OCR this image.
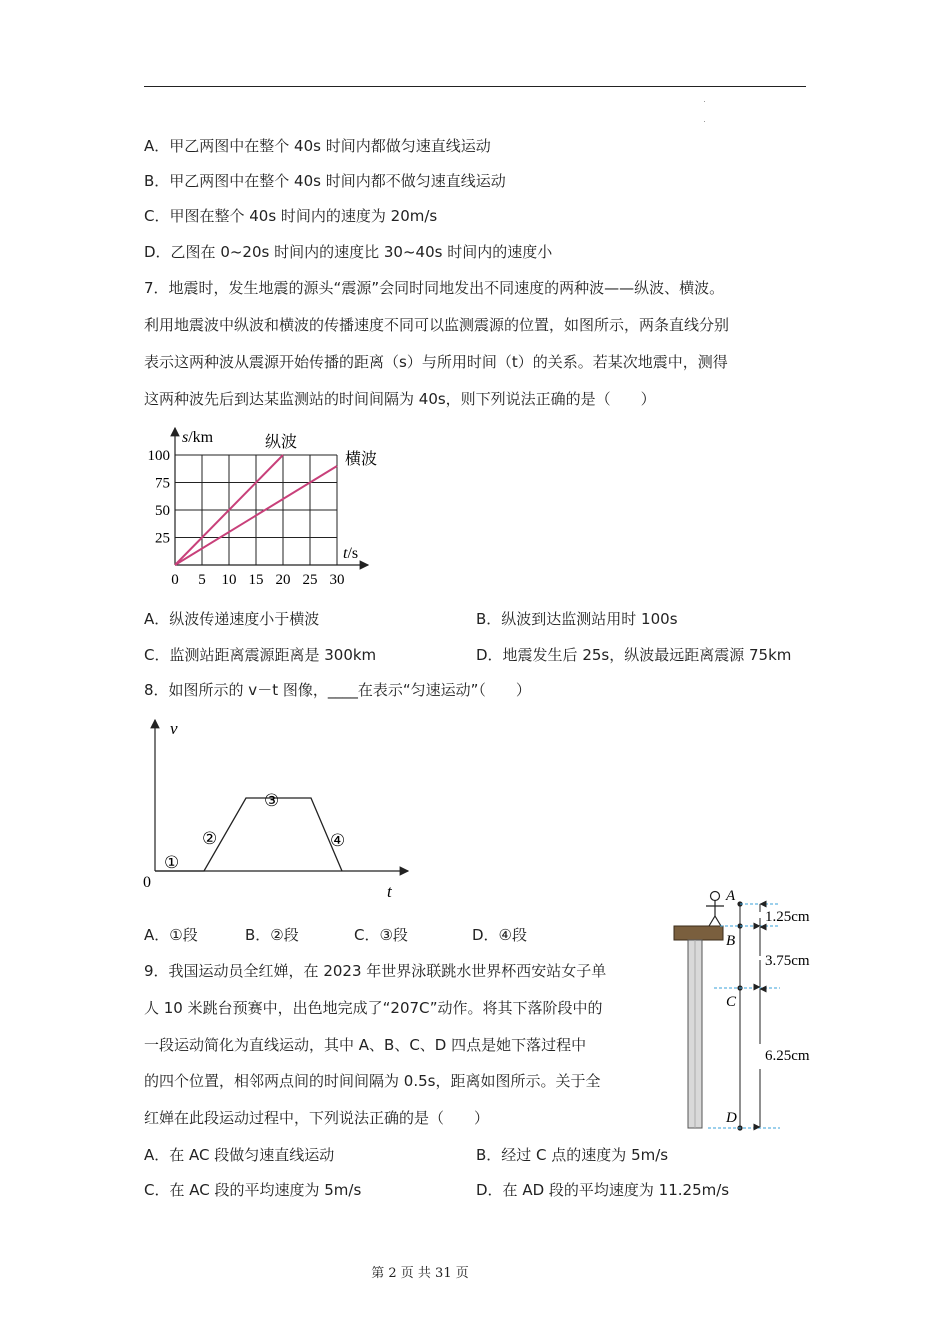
A．甲乙两图中在整个 40s 时间内都做匀速直线运动
B．甲乙两图中在整个 40s 时间内都不做匀速直线运动
C．甲图在整个 40s 时间内的速度为 20m/s
D．乙图在 0~20s 时间内的速度比 30~40s 时间内的速度小
7．地震时，发生地震的源头“震源”会同时同地发出不同速度的两种波——纵波、横波。
利用地震波中纵波和横波的传播速度不同可以监测震源的位置，如图所示，两条直线分别
表示这两种波从震源开始传播的距离（s）与所用时间（t）的关系。若某次地震中，测得
这两种波先后到达某监测站的时间间隔为 40s，则下列说法正确的是（　　）
0 5 10 15 20 25 30
25
50
75
100
纵波
横波
s/km
t/s
A．纵波传递速度小于横波	B．纵波到达监测站用时 100s
C．监测站距离震源距离是 300km	D．地震发生后 25s，纵波最远距离震源 75km
8．如图所示的 v－t 图像，____在表示“匀速运动”（　　）
v
t
0
①
②
③
④
A．①段	B．②段	C．③段	D．④段
9．我国运动员全红婵，在 2023 年世界泳联跳水世界杯西安站女子单
人 10 米跳台预赛中，出色地完成了“207C”动作。将其下落阶段中的
一段运动简化为直线运动，其中 A、B、C、D 四点是她下落过程中
的四个位置，相邻两点间的时间间隔为 0.5s，距离如图所示。关于全
红婵在此段运动过程中，下列说法正确的是（　　）
A
B
C
D
1.25cm
3.75cm
6.25cm
A．在 AC 段做匀速直线运动	B．经过 C 点的速度为 5m/s
C．在 AC 段的平均速度为 5m/s	D．在 AD 段的平均速度为 11.25m/s
第 2 页 共 31 页
